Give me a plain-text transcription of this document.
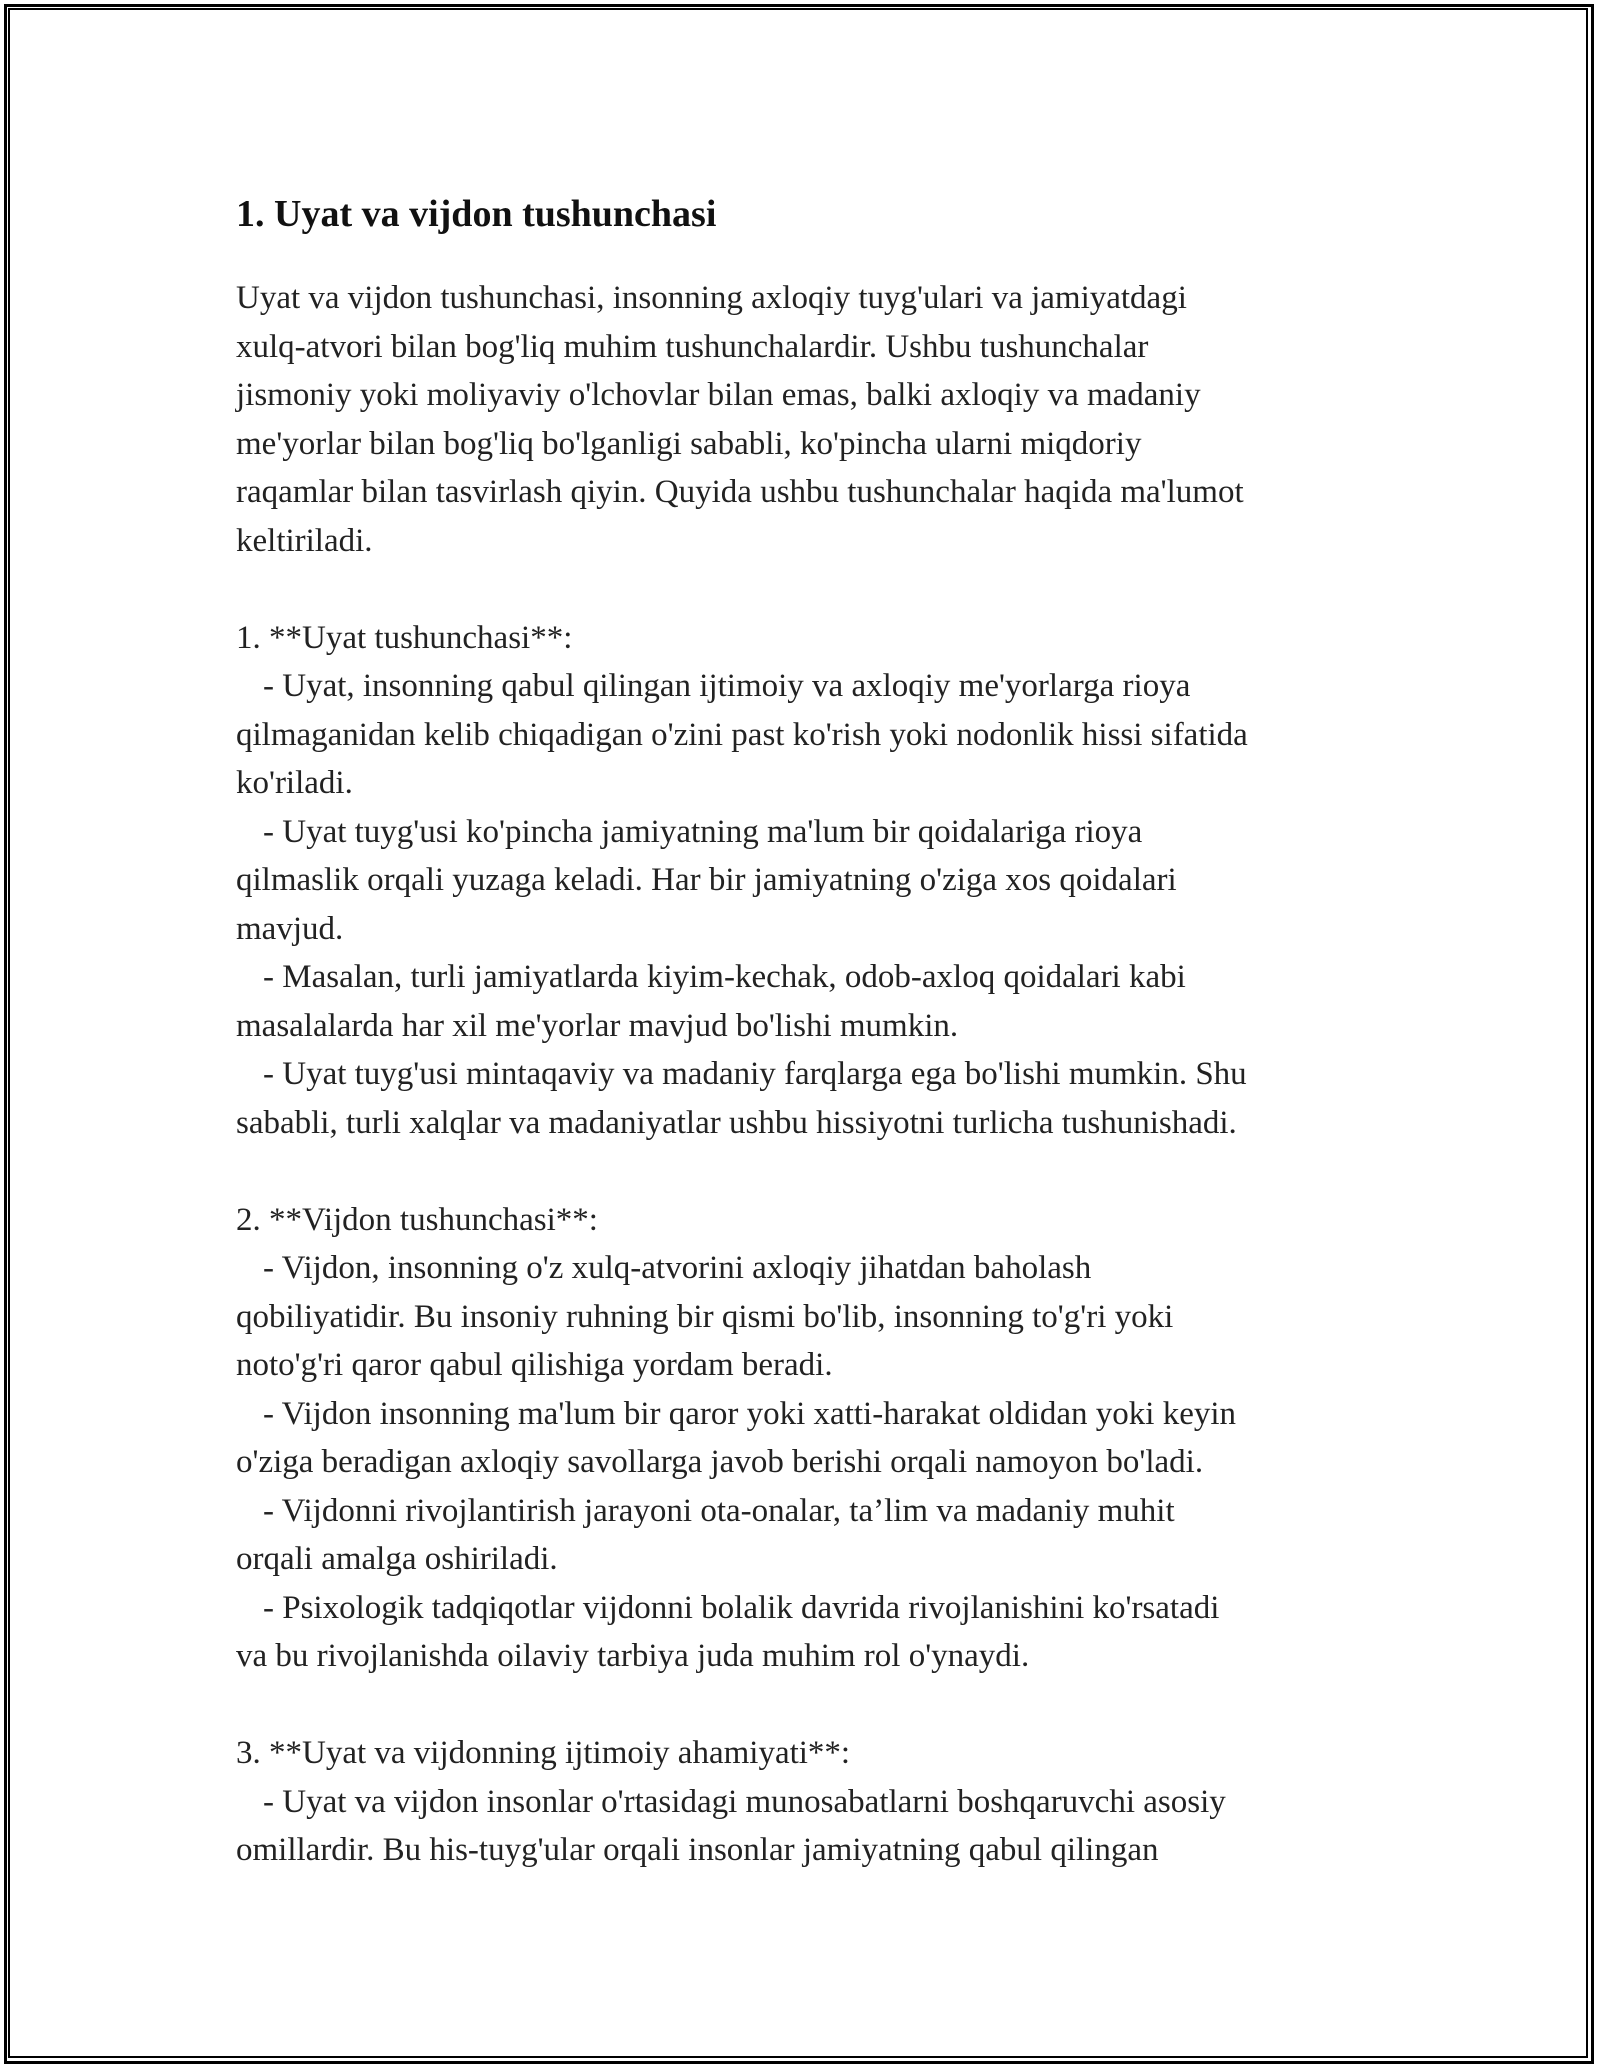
1. Uyat va vijdon tushunchasi
Uyat va vijdon tushunchasi, insonning axloqiy tuyg'ulari va jamiyatdagi
xulq-atvori bilan bog'liq muhim tushunchalardir. Ushbu tushunchalar
jismoniy yoki moliyaviy o'lchovlar bilan emas, balki axloqiy va madaniy
me'yorlar bilan bog'liq bo'lganligi sababli, ko'pincha ularni miqdoriy
raqamlar bilan tasvirlash qiyin. Quyida ushbu tushunchalar haqida ma'lumot
keltiriladi.
1. **Uyat tushunchasi**:
- Uyat, insonning qabul qilingan ijtimoiy va axloqiy me'yorlarga rioya
qilmaganidan kelib chiqadigan o'zini past ko'rish yoki nodonlik hissi sifatida
ko'riladi.
- Uyat tuyg'usi ko'pincha jamiyatning ma'lum bir qoidalariga rioya
qilmaslik orqali yuzaga keladi. Har bir jamiyatning o'ziga xos qoidalari
mavjud.
- Masalan, turli jamiyatlarda kiyim-kechak, odob-axloq qoidalari kabi
masalalarda har xil me'yorlar mavjud bo'lishi mumkin.
- Uyat tuyg'usi mintaqaviy va madaniy farqlarga ega bo'lishi mumkin. Shu
sababli, turli xalqlar va madaniyatlar ushbu hissiyotni turlicha tushunishadi.
2. **Vijdon tushunchasi**:
- Vijdon, insonning o'z xulq-atvorini axloqiy jihatdan baholash
qobiliyatidir. Bu insoniy ruhning bir qismi bo'lib, insonning to'g'ri yoki
noto'g'ri qaror qabul qilishiga yordam beradi.
- Vijdon insonning ma'lum bir qaror yoki xatti-harakat oldidan yoki keyin
o'ziga beradigan axloqiy savollarga javob berishi orqali namoyon bo'ladi.
- Vijdonni rivojlantirish jarayoni ota-onalar, ta’lim va madaniy muhit
orqali amalga oshiriladi.
- Psixologik tadqiqotlar vijdonni bolalik davrida rivojlanishini ko'rsatadi
va bu rivojlanishda oilaviy tarbiya juda muhim rol o'ynaydi.
3. **Uyat va vijdonning ijtimoiy ahamiyati**:
- Uyat va vijdon insonlar o'rtasidagi munosabatlarni boshqaruvchi asosiy
omillardir. Bu his-tuyg'ular orqali insonlar jamiyatning qabul qilingan
